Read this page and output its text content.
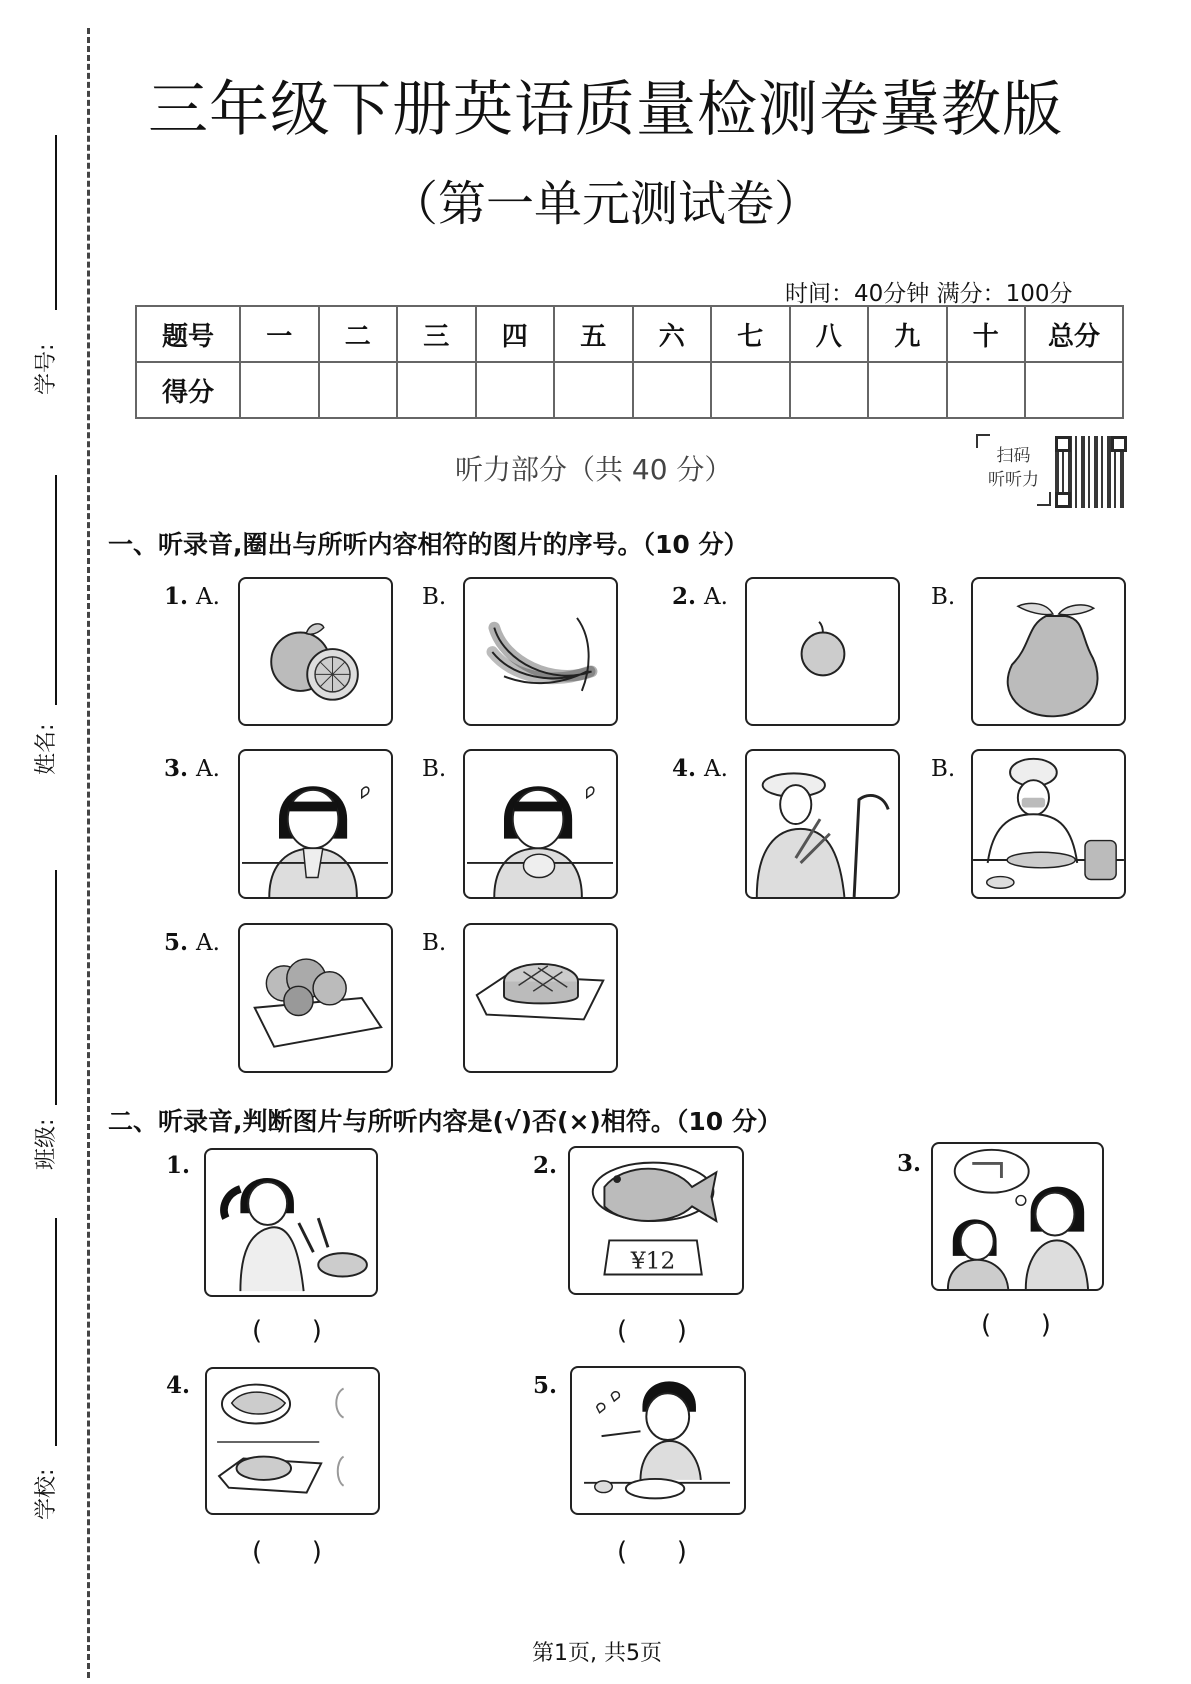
学号:
姓名:
班级:
学校:
三年级下册英语质量检测卷冀教版
（第一单元测试卷）
时间：40分钟 满分：100分
题号	一	二	三	四	五	六	七	八	九	十	总分
得分											
听力部分（共 40 分）	扫码
听听力
一、听录音,圈出与所听内容相符的图片的序号。（10 分）
1. A.	B.	2. A.	B.
3. A.	B.	4. A.	B.
5. A.	B.
二、听录音,判断图片与所听内容是(√)否(×)相符。（10 分）
1.
(      )
2.
¥12
(      )
3.
(      )
4.
(      )
5.
(      )
第1页, 共5页
